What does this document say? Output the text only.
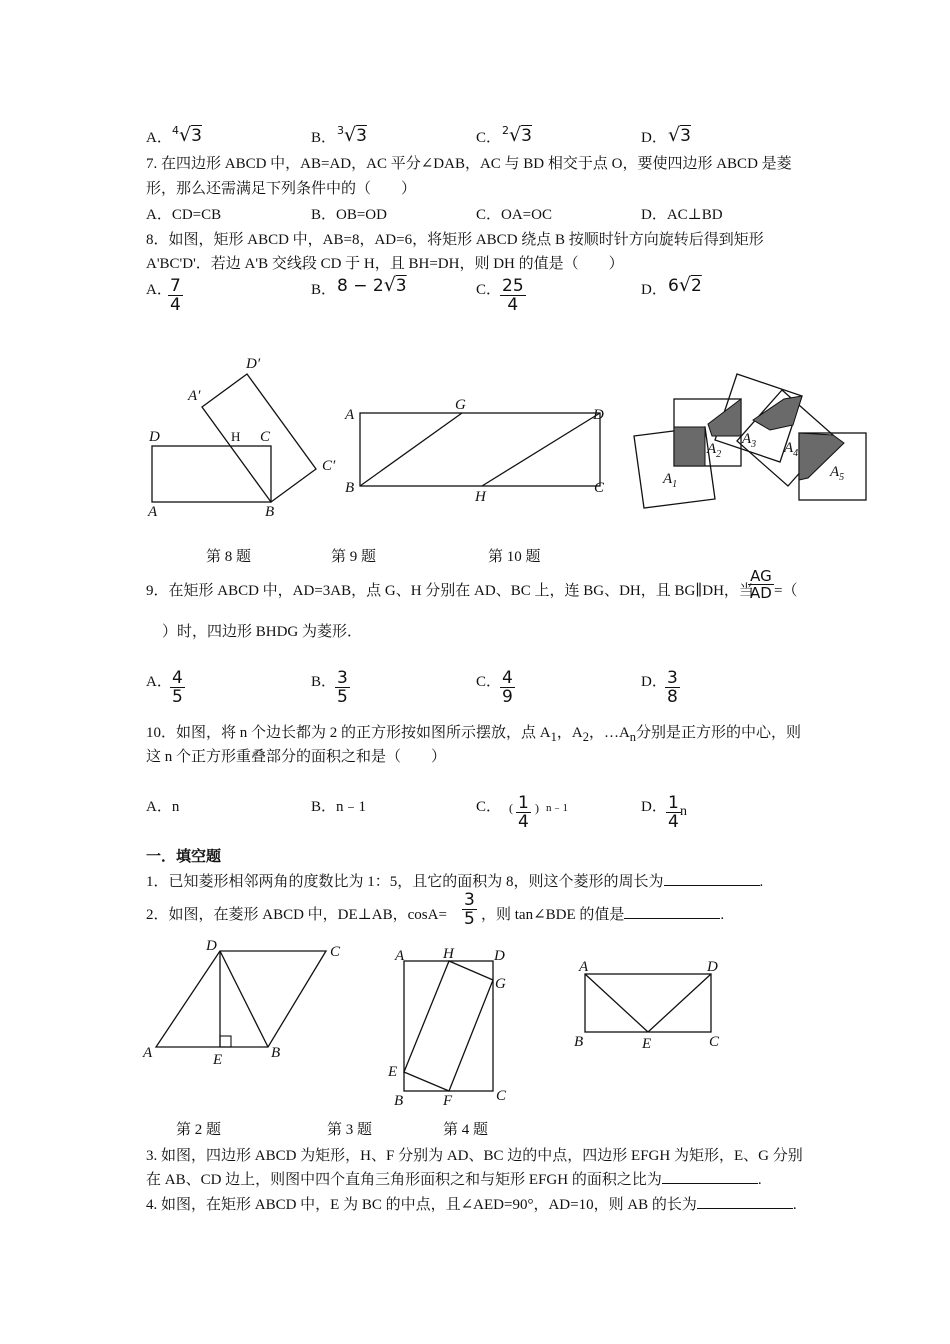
A． $^4$√3	B． $^3$√3	C． $^2$√3	D． √3
7. 在四边形 ABCD 中，AB=AD，AC 平分∠DAB，AC 与 BD 相交于点 O，要使四边形 ABCD 是菱
形，那么还需满足下列条件中的（　　）
A．CD=CB	B．OB=OD	C．OA=OC	D．AC⊥BD
8．如图，矩形 ABCD 中，AB=8，AD=6，将矩形 ABCD 绕点 B 按顺时针方向旋转后得到矩形
A'BC'D'．若边 A'B 交线段 CD 于 H，且 BH=DH，则 DH 的值是（　　）
A．
$\frac{7}{4}$	B． 8 − 2√3	C．
$\frac{25}{4}$	D． 6√2
D	H C
A	B
A′
D′
C′
A
G
D
B
H
C
$A_1$
$A_2$
$A_3$ $A_4$
$A_5$
第 8 题	第 9 题	第 10 题
9．在矩形 ABCD 中，AD=3AB，点 G、H 分别在 AD、BC 上，连 BG、DH，且 BG∥DH，当
$\frac{AG}{AD}$ =（
）时，四边形 BHDG 为菱形．
A．
$\frac{4}{5}$	B．
$\frac{3}{5}$	C．
$\frac{4}{9}$	D．
$\frac{3}{8}$
10．如图，将 n 个边长都为 2 的正方形按如图所示摆放，点 $A_1$，$A_2$，$\dots A_n$分别是正方形的中心，则
这 n 个正方形重叠部分的面积之和是（　　）
A．n	B．n﹣1	C． ( $\frac{1}{4}$ ) n﹣1	D． $\frac{1}{4}$ n
一．填空题
1．已知菱形相邻两角的度数比为 1：5，且它的面积为 8，则这个菱形的周长为	.
2．如图，在菱形 ABCD 中，DE⊥AB，$\cos A= \frac{3}{5}$ ，则 tan∠BDE 的值是	.
D	C
A	E	B
A	H	D
G
E
B	F	C
A	D
B	E	C
第 2 题	第 3 题	第 4 题
3. 如图，四边形 ABCD 为矩形，H、F 分别为 AD、BC 边的中点，四边形 EFGH 为矩形，E、G 分别
在 AB、CD 边上，则图中四个直角三角形面积之和与矩形 EFGH 的面积之比为	.
4. 如图，在矩形 ABCD 中，E 为 BC 的中点，且∠AED=90°，AD=10，则 AB 的长为	.
